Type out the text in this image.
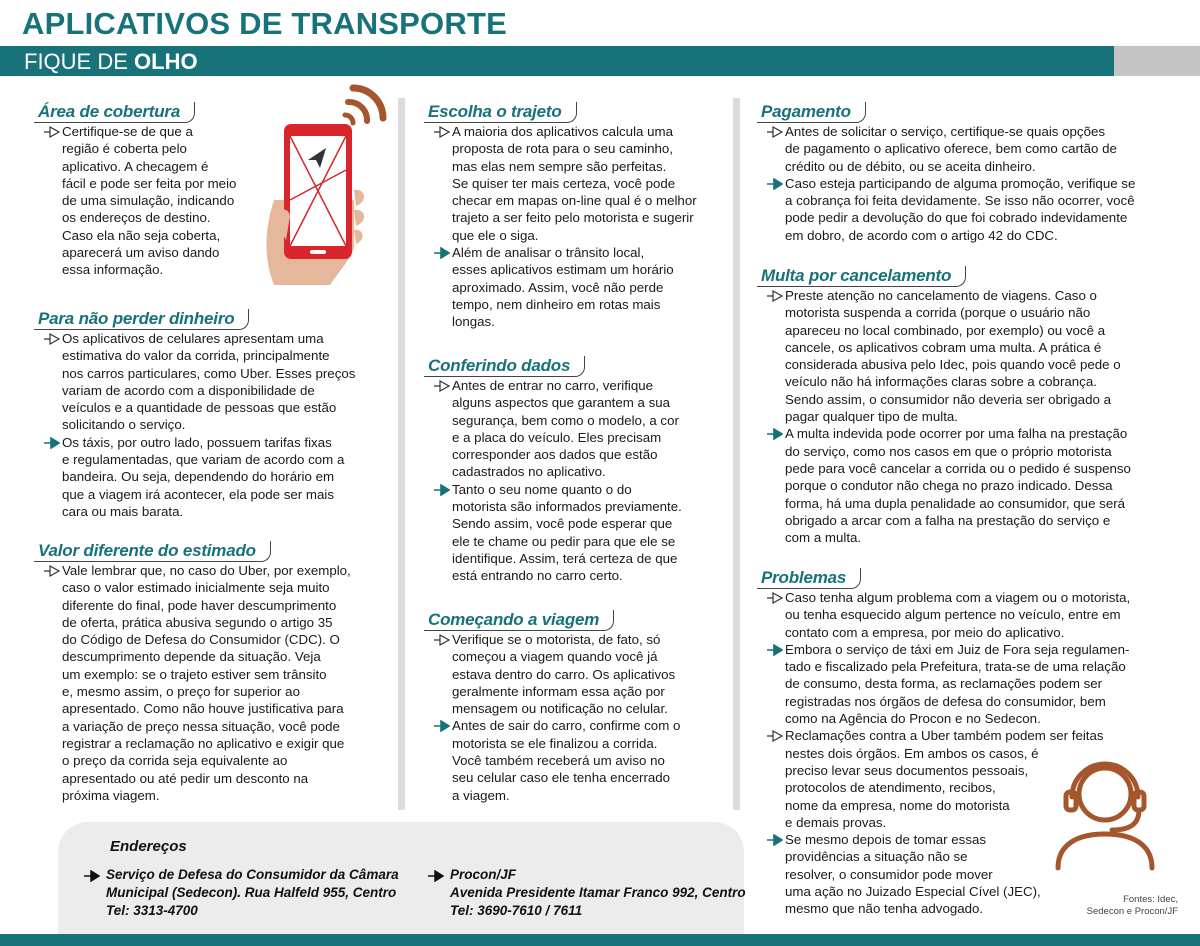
APLICATIVOS DE TRANSPORTE
FIQUE DE OLHO
Área de cobertura
Certifique-se de que a
região é coberta pelo
aplicativo. A checagem é
fácil e pode ser feita por meio
de uma simulação, indicando
os endereços de destino.
Caso ela não seja coberta,
aparecerá um aviso dando
essa informação.
Para não perder dinheiro
Os aplicativos de celulares apresentam uma
estimativa do valor da corrida, principalmente
nos carros particulares, como Uber. Esses preços
variam de acordo com a disponibilidade de
veículos e a quantidade de pessoas que estão
solicitando o serviço.
Os táxis, por outro lado, possuem tarifas fixas
e regulamentadas, que variam de acordo com a
bandeira. Ou seja, dependendo do horário em
que a viagem irá acontecer, ela pode ser mais
cara ou mais barata.
Valor diferente do estimado
Vale lembrar que, no caso do Uber, por exemplo,
caso o valor estimado inicialmente seja muito
diferente do final, pode haver descumprimento
de oferta, prática abusiva segundo o artigo 35
do Código de Defesa do Consumidor (CDC). O
descumprimento depende da situação. Veja
um exemplo: se o trajeto estiver sem trânsito
e, mesmo assim, o preço for superior ao
apresentado. Como não houve justificativa para
a variação de preço nessa situação, você pode
registrar a reclamação no aplicativo e exigir que
o preço da corrida seja equivalente ao
apresentado ou até pedir um desconto na
próxima viagem.
Escolha o trajeto
A maioria dos aplicativos calcula uma
proposta de rota para o seu caminho,
mas elas nem sempre são perfeitas.
Se quiser ter mais certeza, você pode
checar em mapas on-line qual é o melhor
trajeto a ser feito pelo motorista e sugerir
que ele o siga.
Além de analisar o trânsito local,
esses aplicativos estimam um horário
aproximado. Assim, você não perde
tempo, nem dinheiro em rotas mais
longas.
Conferindo dados
Antes de entrar no carro, verifique
alguns aspectos que garantem a sua
segurança, bem como o modelo, a cor
e a placa do veículo. Eles precisam
corresponder aos dados que estão
cadastrados no aplicativo.
Tanto o seu nome quanto o do
motorista são informados previamente.
Sendo assim, você pode esperar que
ele te chame ou pedir para que ele se
identifique. Assim, terá certeza de que
está entrando no carro certo.
Começando a viagem
Verifique se o motorista, de fato, só
começou a viagem quando você já
estava dentro do carro. Os aplicativos
geralmente informam essa ação por
mensagem ou notificação no celular.
Antes de sair do carro, confirme com o
motorista se ele finalizou a corrida.
Você também receberá um aviso no
seu celular caso ele tenha encerrado
a viagem.
Pagamento
Antes de solicitar o serviço, certifique-se quais opções
de pagamento o aplicativo oferece, bem como cartão de
crédito ou de débito, ou se aceita dinheiro.
Caso esteja participando de alguma promoção, verifique se
a cobrança foi feita devidamente. Se isso não ocorrer, você
pode pedir a devolução do que foi cobrado indevidamente
em dobro, de acordo com o artigo 42 do CDC.
Multa por cancelamento
Preste atenção no cancelamento de viagens. Caso o
motorista suspenda a corrida (porque o usuário não
apareceu no local combinado, por exemplo) ou você a
cancele, os aplicativos cobram uma multa. A prática é
considerada abusiva pelo Idec, pois quando você pede o
veículo não há informações claras sobre a cobrança.
Sendo assim, o consumidor não deveria ser obrigado a
pagar qualquer tipo de multa.
A multa indevida pode ocorrer por uma falha na prestação
do serviço, como nos casos em que o próprio motorista
pede para você cancelar a corrida ou o pedido é suspenso
porque o condutor não chega no prazo indicado. Dessa
forma, há uma dupla penalidade ao consumidor, que será
obrigado a arcar com a falha na prestação do serviço e
com a multa.
Problemas
Caso tenha algum problema com a viagem ou o motorista,
ou tenha esquecido algum pertence no veículo, entre em
contato com a empresa, por meio do aplicativo.
Embora o serviço de táxi em Juiz de Fora seja regulamen-
tado e fiscalizado pela Prefeitura, trata-se de uma relação
de consumo, desta forma, as reclamações podem ser
registradas nos órgãos de defesa do consumidor, bem
como na Agência do Procon e no Sedecon.
Reclamações contra a Uber também podem ser feitas
nestes dois órgãos. Em ambos os casos, é
preciso levar seus documentos pessoais,
protocolos de atendimento, recibos,
nome da empresa, nome do motorista
e demais provas.
Se mesmo depois de tomar essas
providências a situação não se
resolver, o consumidor pode mover
uma ação no Juizado Especial Cível (JEC),
mesmo que não tenha advogado.
Endereços
Serviço de Defesa do Consumidor da Câmara
Municipal (Sedecon). Rua Halfeld 955, Centro
Tel: 3313-4700
Procon/JF
Avenida Presidente Itamar Franco 992, Centro
Tel: 3690-7610 / 7611
Fontes: Idec,
Sedecon e Procon/JF
